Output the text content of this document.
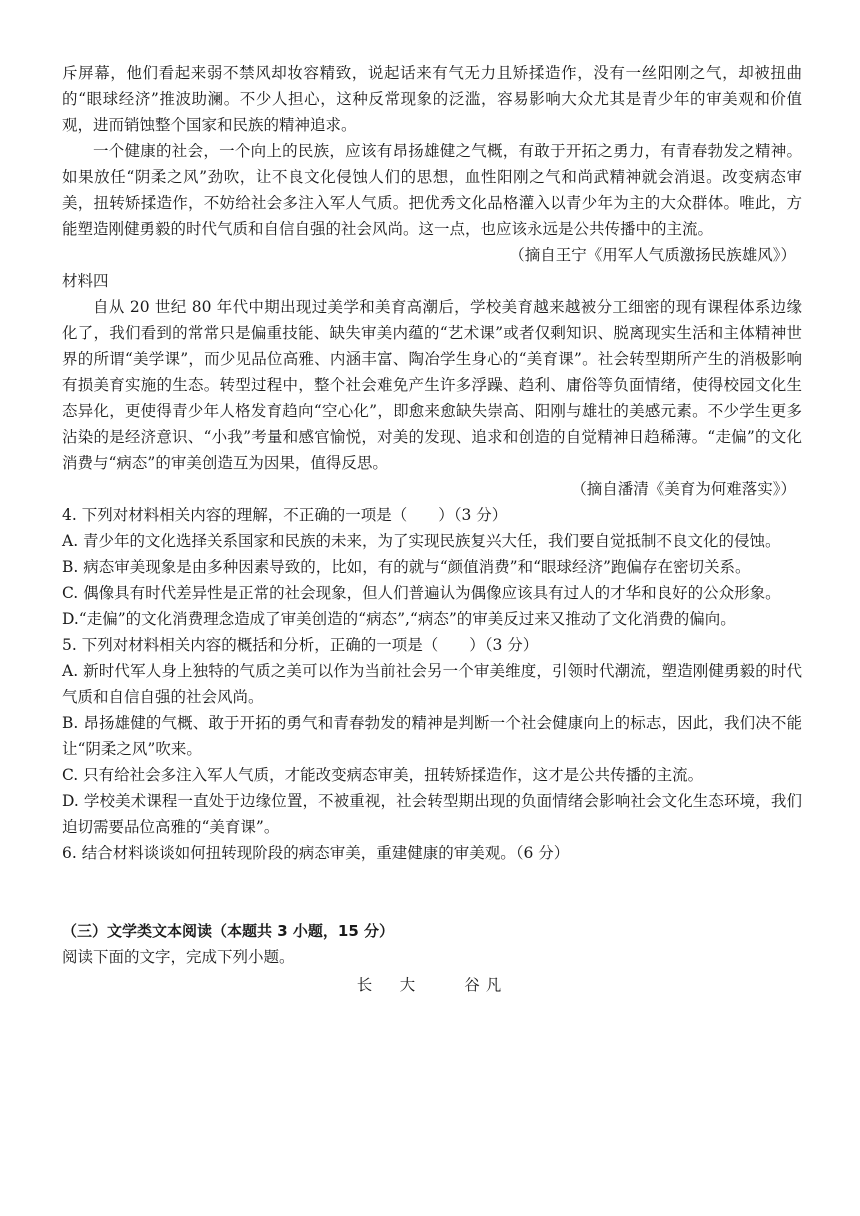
斥屏幕，他们看起来弱不禁风却妆容精致，说起话来有气无力且矫揉造作，没有一丝阳刚之气，却被扭曲的“眼球经济”推波助澜。不少人担心，这种反常现象的泛滥，容易影响大众尤其是青少年的审美观和价值观，进而销蚀整个国家和民族的精神追求。

一个健康的社会，一个向上的民族，应该有昂扬雄健之气概，有敢于开拓之勇力，有青春勃发之精神。如果放任“阴柔之风”劲吹，让不良文化侵蚀人们的思想，血性阳刚之气和尚武精神就会消退。改变病态审美，扭转矫揉造作，不妨给社会多注入军人气质。把优秀文化品格灌入以青少年为主的大众群体。唯此，方能塑造刚健勇毅的时代气质和自信自强的社会风尚。这一点，也应该永远是公共传播中的主流。

（摘自王宁《用军人气质激扬民族雄风》）

材料四

自从 20 世纪 80 年代中期出现过美学和美育高潮后，学校美育越来越被分工细密的现有课程体系边缘化了，我们看到的常常只是偏重技能、缺失审美内蕴的“艺术课”或者仅剩知识、脱离现实生活和主体精神世界的所谓“美学课”，而少见品位高雅、内涵丰富、陶冶学生身心的“美育课”。社会转型期所产生的消极影响有损美育实施的生态。转型过程中，整个社会难免产生许多浮躁、趋利、庸俗等负面情绪，使得校园文化生态异化，更使得青少年人格发育趋向“空心化”，即愈来愈缺失崇高、阳刚与雄壮的美感元素。不少学生更多沾染的是经济意识、“小我”考量和感官愉悦，对美的发现、追求和创造的自觉精神日趋稀薄。“走偏”的文化消费与“病态”的审美创造互为因果，值得反思。

（摘自潘清《美育为何难落实》）

4. 下列对材料相关内容的理解，不正确的一项是（　　）（3 分）

A. 青少年的文化选择关系国家和民族的未来，为了实现民族复兴大任，我们要自觉抵制不良文化的侵蚀。

B. 病态审美现象是由多种因素导致的，比如，有的就与“颜值消费”和“眼球经济”跑偏存在密切关系。

C. 偶像具有时代差异性是正常的社会现象，但人们普遍认为偶像应该具有过人的才华和良好的公众形象。

D.“走偏”的文化消费理念造成了审美创造的“病态”,“病态”的审美反过来又推动了文化消费的偏向。

5. 下列对材料相关内容的概括和分析，正确的一项是（　　）（3 分）

A. 新时代军人身上独特的气质之美可以作为当前社会另一个审美维度，引领时代潮流，塑造刚健勇毅的时代气质和自信自强的社会风尚。

B. 昂扬雄健的气概、敢于开拓的勇气和青春勃发的精神是判断一个社会健康向上的标志，因此，我们决不能让“阴柔之风”吹来。

C. 只有给社会多注入军人气质，才能改变病态审美，扭转矫揉造作，这才是公共传播的主流。

D. 学校美术课程一直处于边缘位置，不被重视，社会转型期出现的负面情绪会影响社会文化生态环境，我们迫切需要品位高雅的“美育课”。

6. 结合材料谈谈如何扭转现阶段的病态审美，重建健康的审美观。（6 分）

（三）文学类文本阅读（本题共 3 小题，15 分）

阅读下面的文字，完成下列小题。

长　大　　谷凡
